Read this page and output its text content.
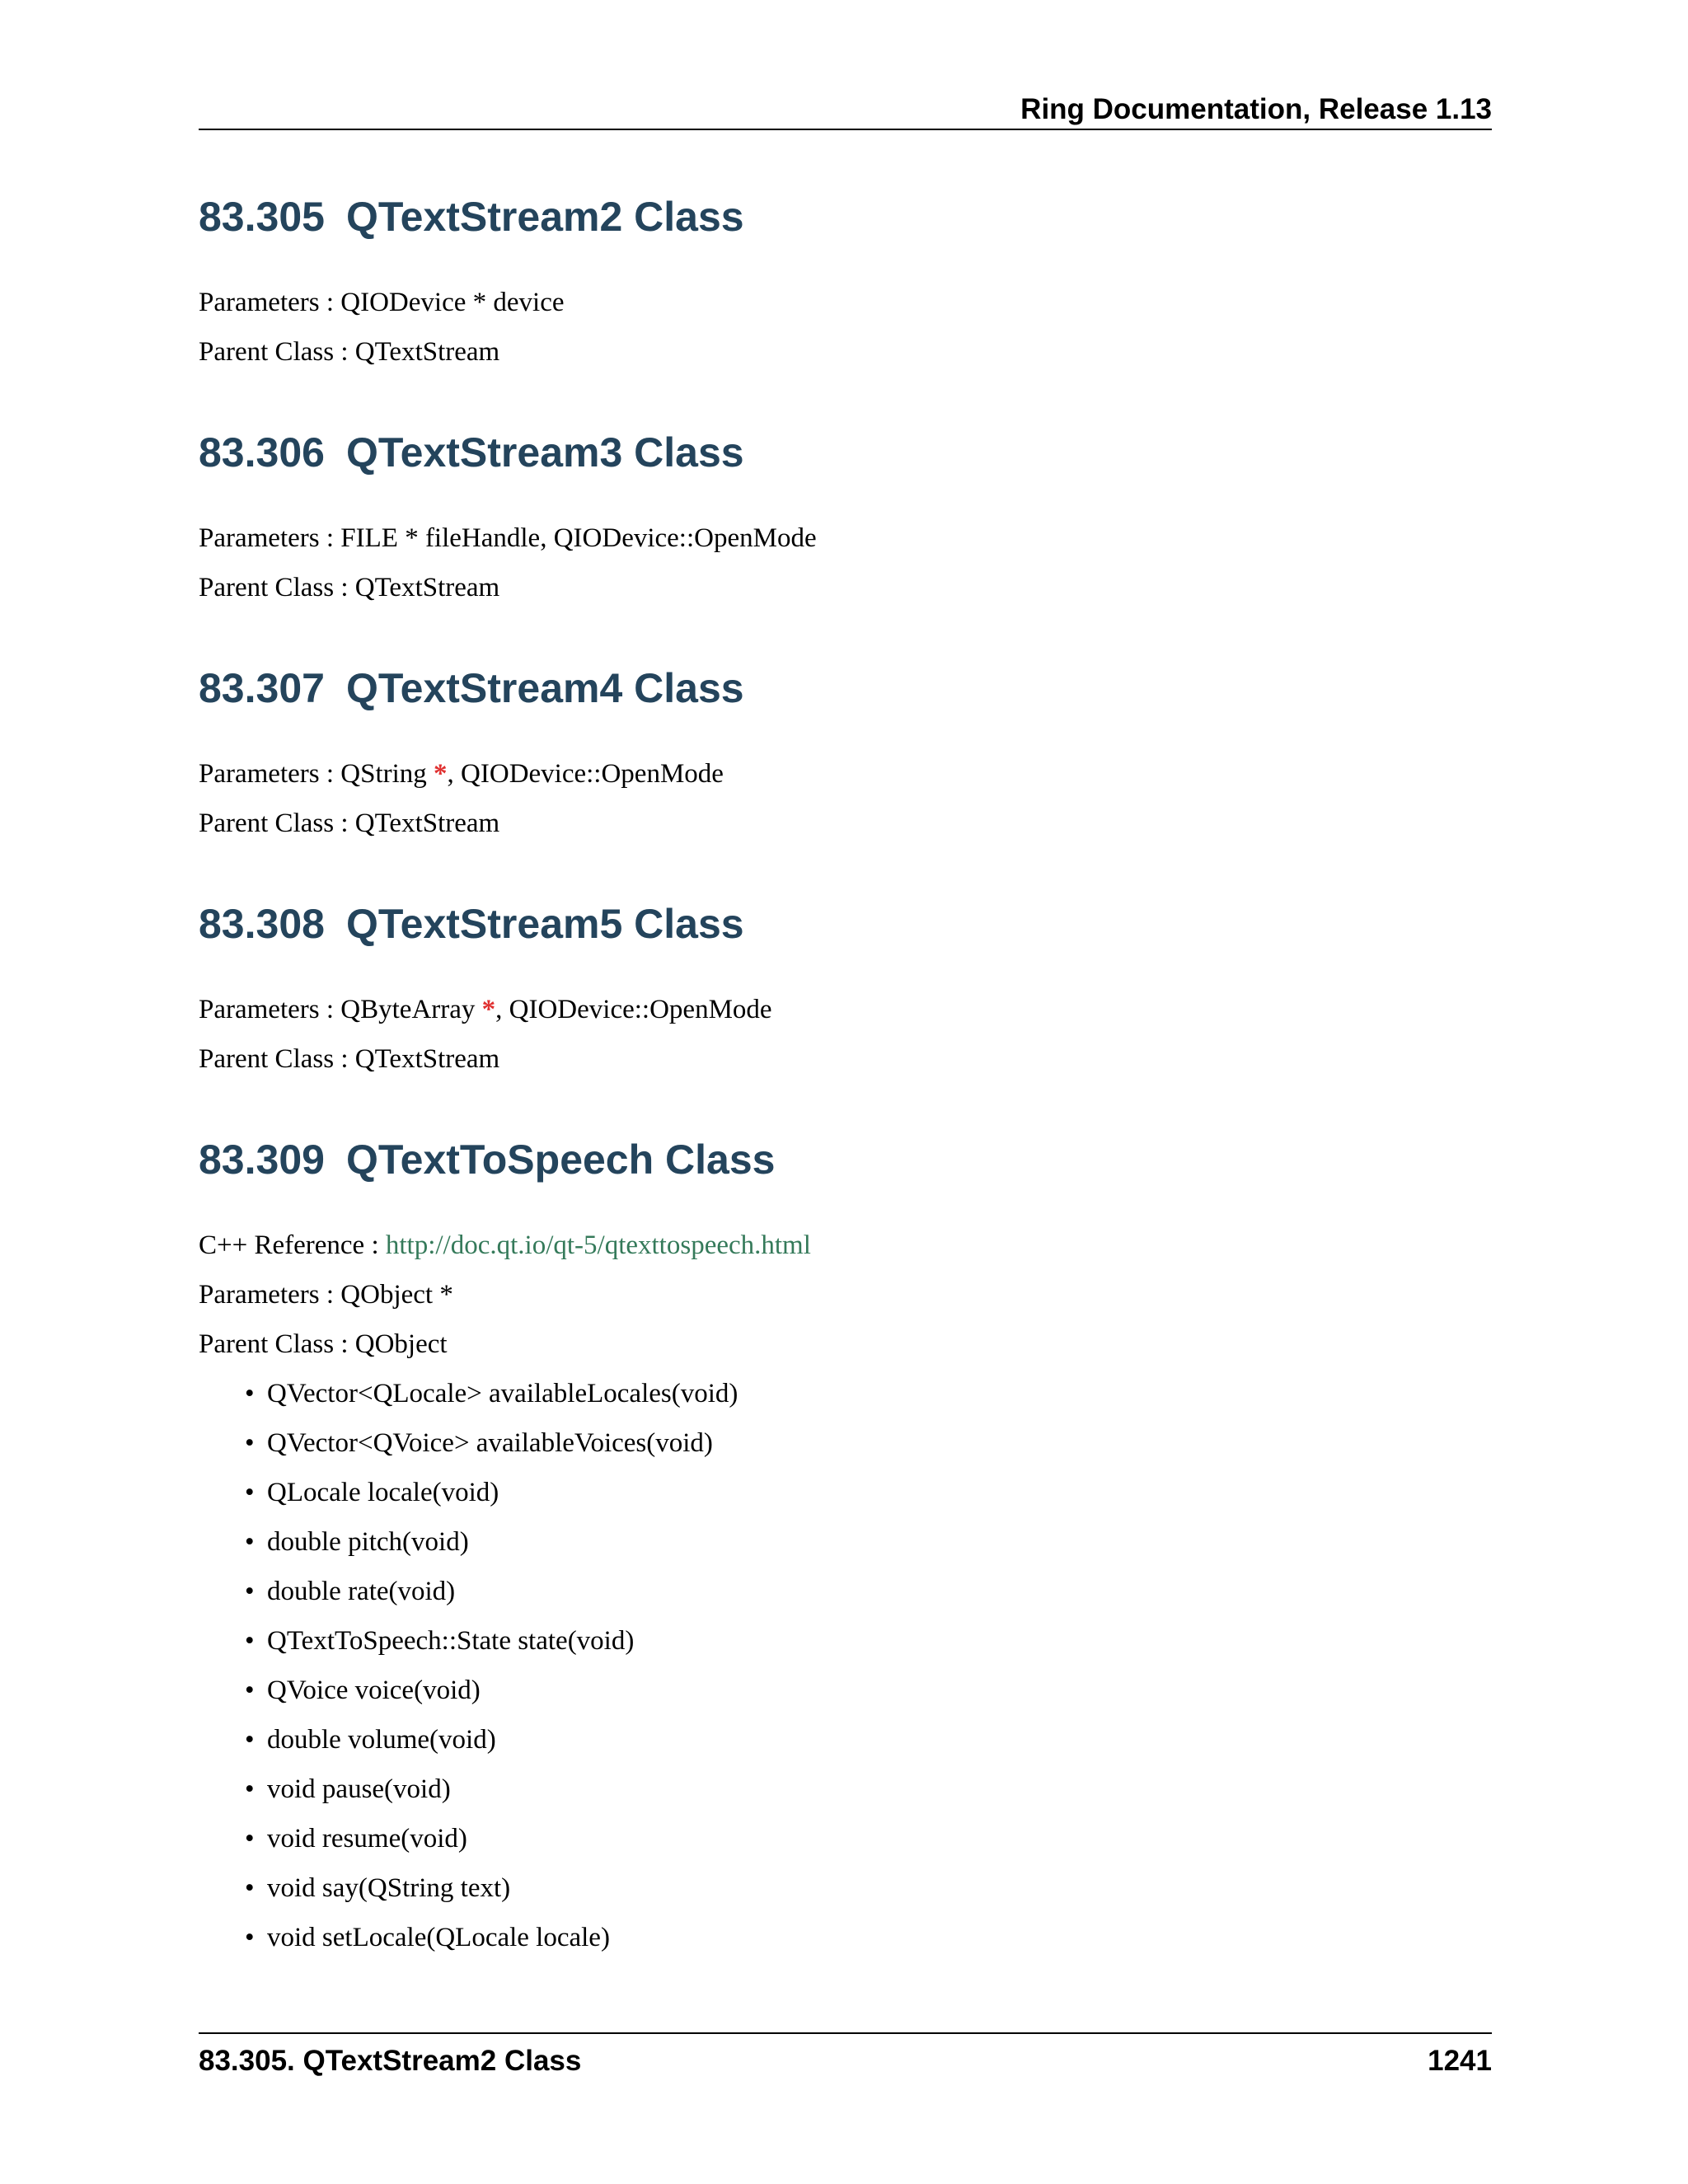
Ring Documentation, Release 1.13
83.305 QTextStream2 Class

Parameters : QIODevice * device

Parent Class : QTextStream

83.306 QTextStream3 Class

Parameters : FILE * fileHandle, QIODevice::OpenMode

Parent Class : QTextStream

83.307 QTextStream4 Class

Parameters : QString *, QIODevice::OpenMode

Parent Class : QTextStream

83.308 QTextStream5 Class

Parameters : QByteArray *, QIODevice::OpenMode

Parent Class : QTextStream

83.309 QTextToSpeech Class

C++ Reference : http://doc.qt.io/qt-5/qtexttospeech.html

Parameters : QObject *

Parent Class : QObject

• QVector<QLocale> availableLocales(void)
• QVector<QVoice> availableVoices(void)
• QLocale locale(void)
• double pitch(void)
• double rate(void)
• QTextToSpeech::State state(void)
• QVoice voice(void)
• double volume(void)
• void pause(void)
• void resume(void)
• void say(QString text)
• void setLocale(QLocale locale)
83.305. QTextStream2 Class	1241
